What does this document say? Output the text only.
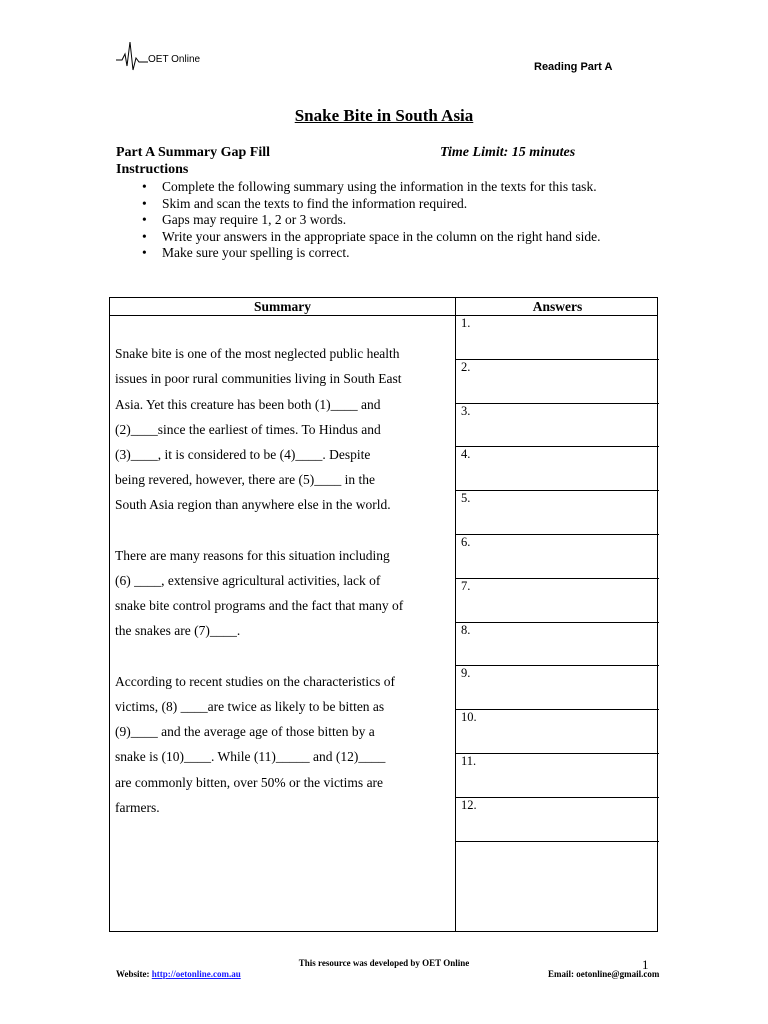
OET Online
Reading Part A
Snake Bite in South Asia
Part A Summary Gap Fill	Time Limit: 15 minutes
Instructions
• Complete the following summary using the information in the texts for this task.
• Skim and scan the texts to find the information required.
• Gaps may require 1, 2 or 3 words.
• Write your answers in the appropriate space in the column on the right hand side.
• Make sure your spelling is correct.
Summary	Answers

Snake bite is one of the most neglected public health

issues in poor rural communities living in South East

Asia. Yet this creature has been both (1)____ and

(2)____since the earliest of times. To Hindus and

(3)____, it is considered to be (4)____. Despite

being revered, however, there are (5)____ in the

South Asia region than anywhere else in the world.

There are many reasons for this situation including

(6) ____, extensive agricultural activities, lack of

snake bite control programs and the fact that many of

the snakes are (7)____.

According to recent studies on the characteristics of

victims, (8) ____are twice as likely to be bitten as

(9)____ and the average age of those bitten by a

snake is (10)____. While (11)_____ and (12)____

are commonly bitten, over 50% or the victims are

farmers.

1.
2.
3.
4.
5.
6.
7.
8.
9.
10.
11.
12.
This resource was developed by OET Online	1
Website: http://oetonline.com.au	Email: oetonline@gmail.com
